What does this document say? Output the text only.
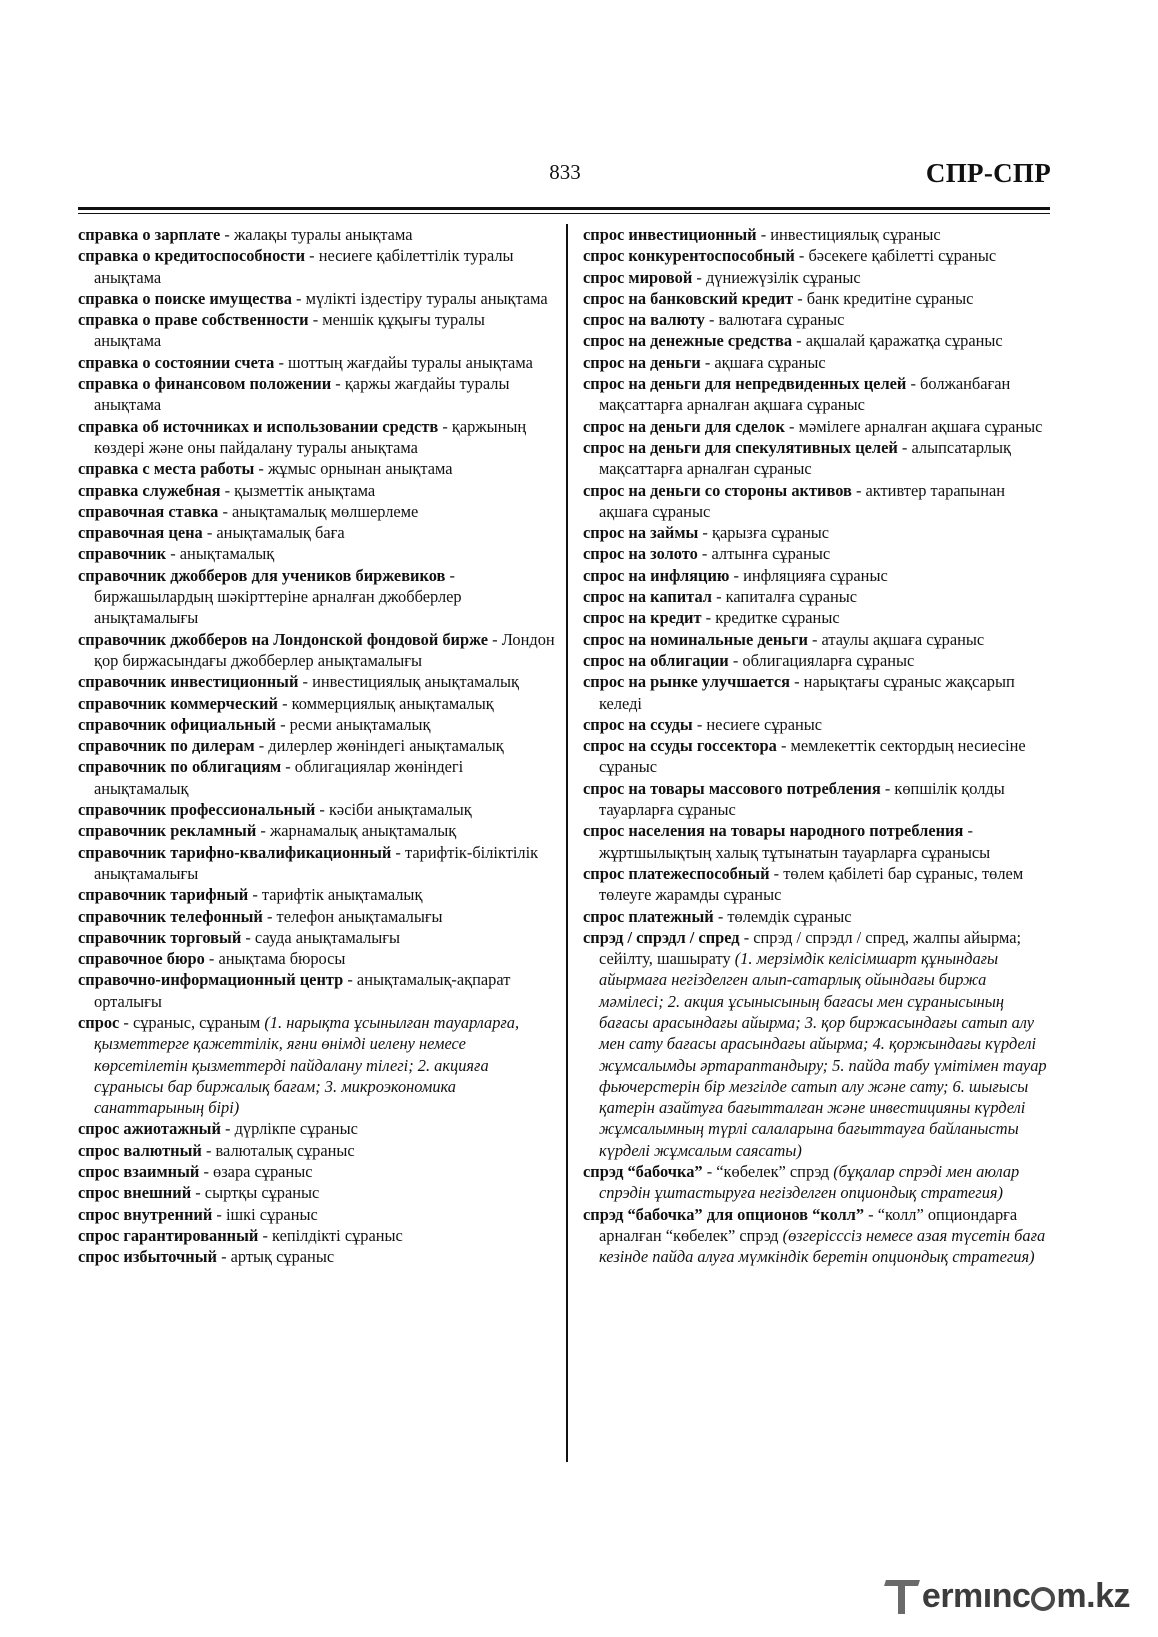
833	СПР-СПР

справка о зарплате - жалақы туралы анықтама

справка о кредитоспособности - несиеге қабілеттілік туралы анықтама

справка о поиске имущества - мүлікті іздестіру туралы анықтама

справка о праве собственности - меншік құқығы туралы анықтама

справка о состоянии счета - шоттың жағдайы туралы анықтама

справка о финансовом положении - қаржы жағдайы туралы анықтама

справка об источниках и использовании средств - қаржының көздері және оны пайдалану туралы анықтама

справка с места работы - жұмыс орнынан анықтама

справка служебная - қызметтік анықтама

справочная ставка - анықтамалық мөлшерлеме

справочная цена - анықтамалық баға

справочник - анықтамалық

справочник джобберов для учеников биржевиков - биржашылардың шәкірттеріне арналған джобберлер анықтамалығы

справочник джобберов на Лондонской фондовой бирже - Лондон қор биржасындағы джобберлер анықтамалығы

справочник инвестиционный - инвестициялық анықтамалық

справочник коммерческий - коммерциялық анықтамалық

справочник официальный - ресми анықтамалық

справочник по дилерам - дилерлер жөніндегі анықтамалық

справочник по облигациям - облигациялар жөніндегі анықтамалық

справочник профессиональный - кәсіби анықтамалық

справочник рекламный - жарнамалық анықтамалық

справочник тарифно-квалификационный - тарифтік-біліктілік анықтамалығы

справочник тарифный - тарифтік анықтамалық

справочник телефонный - телефон анықтамалығы

справочник торговый - сауда анықтамалығы

справочное бюро - анықтама бюросы

справочно-информационный центр - анықтамалық-ақпарат орталығы

спрос - сұраныс, сұраным (1. нарықта ұсынылған тауарларға, қызметтерге қажеттілік, яғни өнімді иелену немесе көрсетілетін қызметтерді пайдалану тілегі; 2. акцияға сұранысы бар биржалық бағам; 3. микроэкономика санаттарының бірі)

спрос ажиотажный - дүрлікпе сұраныс

спрос валютный - валюталық сұраныс

спрос взаимный - өзара сұраныс

спрос внешний - сыртқы сұраныс

спрос внутренний - ішкі сұраныс

спрос гарантированный - кепілдікті сұраныс

спрос избыточный - артық сұраныс

спрос инвестиционный - инвестициялық сұраныс

спрос конкурентоспособный - бәсекеге қабілетті сұраныс

спрос мировой - дүниежүзілік сұраныс

спрос на банковский кредит - банк кредитіне сұраныс

спрос на валюту - валютаға сұраныс

спрос на денежные средства - ақшалай қаражатқа сұраныс

спрос на деньги - ақшаға сұраныс

спрос на деньги для непредвиденных целей - болжанбаған мақсаттарға арналған ақшаға сұраныс

спрос на деньги для сделок - мәмілеге арналған ақшаға сұраныс

спрос на деньги для спекулятивных целей - алыпсатарлық мақсаттарға арналған сұраныс

спрос на деньги со стороны активов - активтер тарапынан ақшаға сұраныс

спрос на займы - қарызға сұраныс

спрос на золото - алтынға сұраныс

спрос на инфляцию - инфляцияға сұраныс

спрос на капитал - капиталға сұраныс

спрос на кредит - кредитке сұраныс

спрос на номинальные деньги - атаулы ақшаға сұраныс

спрос на облигации - облигацияларға сұраныс

спрос на рынке улучшается - нарықтағы сұраныс жақсарып келеді

спрос на ссуды - несиеге сұраныс

спрос на ссуды госсектора - мемлекеттік сектордың несиесіне сұраныс

спрос на товары массового потребления - көпшілік қолды тауарларға сұраныс

спрос населения на товары народного потребления - жұртшылықтың халық тұтынатын тауарларға сұранысы

спрос платежеспособный - төлем қабілеті бар сұраныс, төлем төлеуге жарамды сұраныс

спрос платежный - төлемдік сұраныс

спрэд / спрэдл / спред - спрэд / спрэдл / спред, жалпы айырма; сейілту, шашырату (1. мерзімдік келісімшарт құнындағы айырмаға негізделген алып-сатарлық ойындағы биржа мәмілесі; 2. акция ұсынысының бағасы мен сұранысының бағасы арасындағы айырма; 3. қор биржасындағы сатып алу мен сату бағасы арасындағы айырма; 4. қоржындағы күрделі жұмсалымды әртараптандыру; 5. пайда табу үмітімен тауар фьючерстерін бір мезгілде сатып алу және сату; 6. шығысы қатерін азайтуға бағытталған және инвестицияны күрделі жұмсалымның түрлі салаларына бағыттауға байланысты күрделі жұмсалым саясаты)

спрэд “бабочка” - “көбелек” спрэд (бұқалар спрэді мен аюлар спрэдін ұштастыруға негізделген опциондық стратегия)

спрэд “бабочка” для опционов “колл” - “колл” опциондарға арналған “көбелек” спрэд (өзгерісссіз немесе азая түсетін баға кезінде пайда алуға мүмкіндік беретін опциондық стратегия)

ermınc m.kz
